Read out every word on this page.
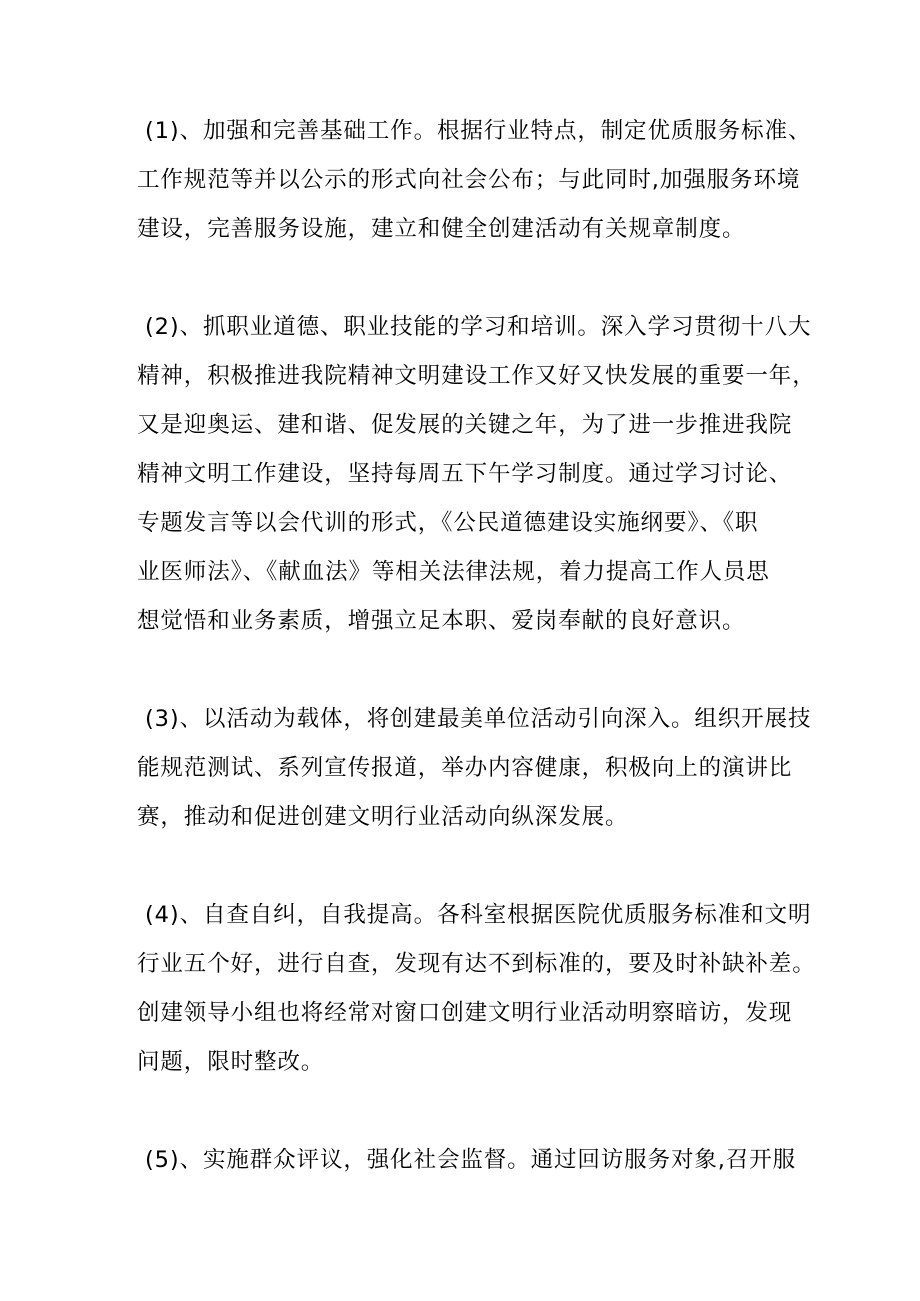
(1)、加强和完善基础工作。根据行业特点，制定优质服务标准、

工作规范等并以公示的形式向社会公布；与此同时,加强服务环境

建设，完善服务设施，建立和健全创建活动有关规章制度。

(2)、抓职业道德、职业技能的学习和培训。深入学习贯彻十八大

精神，积极推进我院精神文明建设工作又好又快发展的重要一年，

又是迎奥运、建和谐、促发展的关键之年，为了进一步推进我院

精神文明工作建设，坚持每周五下午学习制度。通过学习讨论、

专题发言等以会代训的形式，《公民道德建设实施纲要》、《职

业医师法》、《献血法》等相关法律法规，着力提高工作人员思

想觉悟和业务素质，增强立足本职、爱岗奉献的良好意识。

(3)、以活动为载体，将创建最美单位活动引向深入。组织开展技

能规范测试、系列宣传报道，举办内容健康，积极向上的演讲比

赛，推动和促进创建文明行业活动向纵深发展。

(4)、自查自纠，自我提高。各科室根据医院优质服务标准和文明

行业五个好，进行自查，发现有达不到标准的，要及时补缺补差。

创建领导小组也将经常对窗口创建文明行业活动明察暗访，发现

问题，限时整改。

(5)、实施群众评议，强化社会监督。通过回访服务对象,召开服
